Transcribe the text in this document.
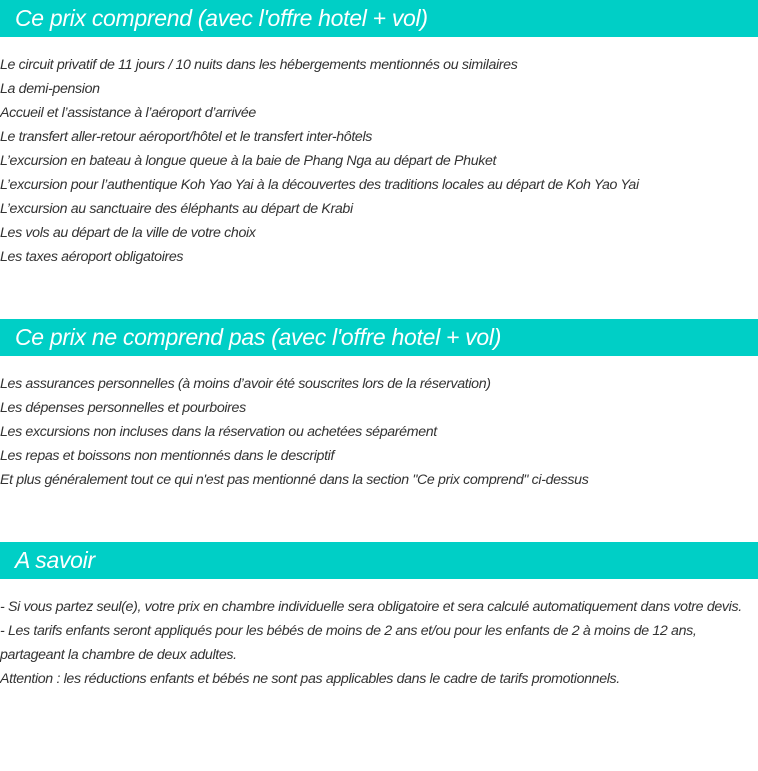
Ce prix comprend (avec l'offre hotel + vol)
Le circuit privatif de 11 jours / 10 nuits dans les hébergements mentionnés ou similaires
La demi-pension
Accueil et l’assistance à l’aéroport d’arrivée
Le transfert aller-retour aéroport/hôtel et le transfert inter-hôtels
L’excursion en bateau à longue queue à la baie de Phang Nga au départ de Phuket
L’excursion pour l’authentique Koh Yao Yai à la découvertes des traditions locales au départ de Koh Yao Yai
L’excursion au sanctuaire des éléphants au départ de Krabi
Les vols au départ de la ville de votre choix
Les taxes aéroport obligatoires
Ce prix ne comprend pas (avec l'offre hotel + vol)
Les assurances personnelles (à moins d’avoir été souscrites lors de la réservation)
Les dépenses personnelles et pourboires
Les excursions non incluses dans la réservation ou achetées séparément
Les repas et boissons non mentionnés dans le descriptif
Et plus généralement tout ce qui n'est pas mentionné dans la section "Ce prix comprend" ci-dessus
A savoir
- Si vous partez seul(e), votre prix en chambre individuelle sera obligatoire et sera calculé automatiquement dans votre devis.
- Les tarifs enfants seront appliqués pour les bébés de moins de 2 ans et/ou pour les enfants de 2 à moins de 12 ans, partageant la chambre de deux adultes.
Attention : les réductions enfants et bébés ne sont pas applicables dans le cadre de tarifs promotionnels.
